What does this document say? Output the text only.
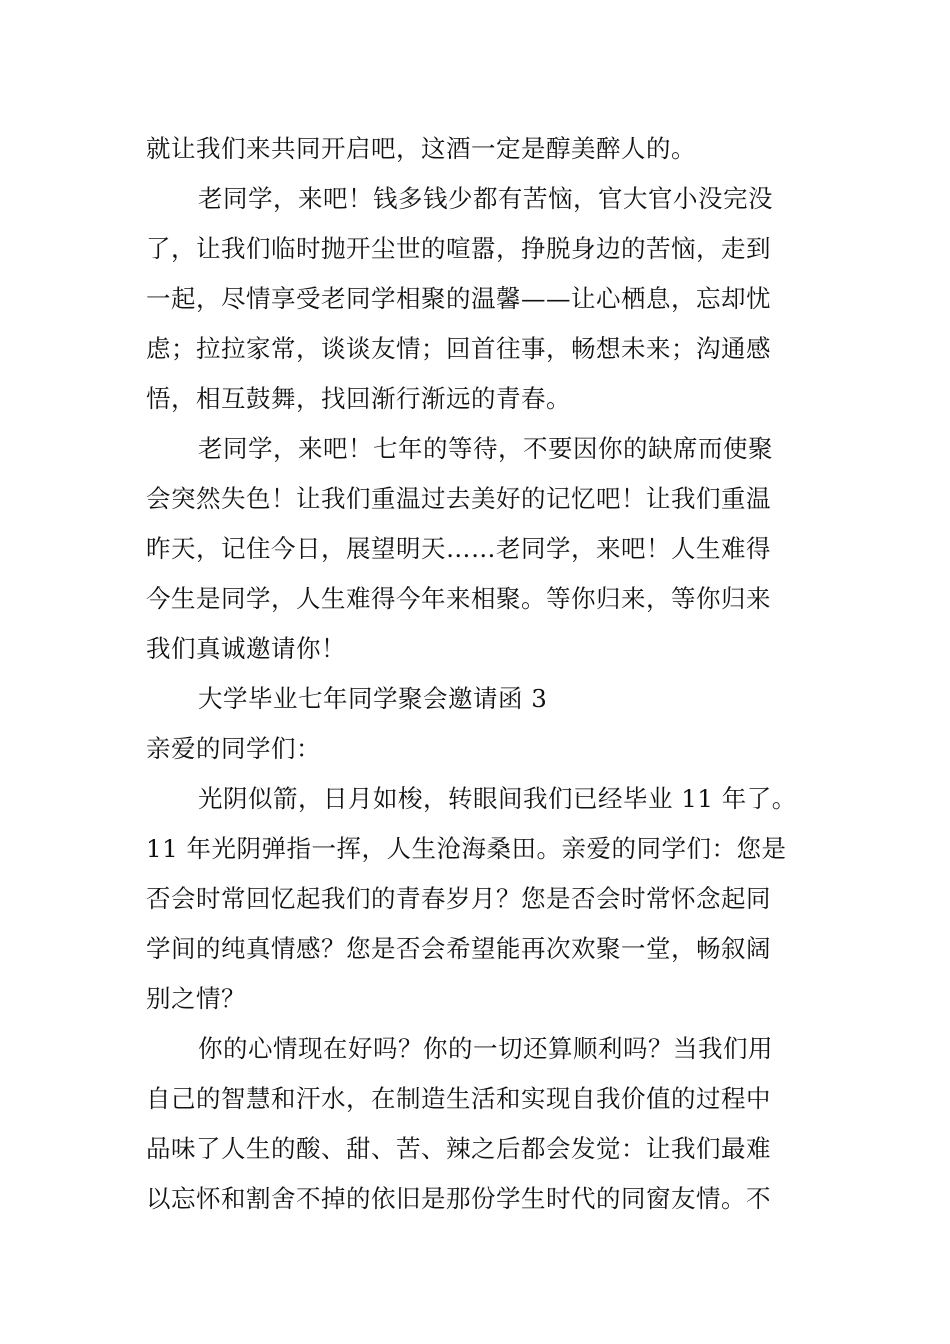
就让我们来共同开启吧，这酒一定是醇美醉人的。
老同学，来吧！钱多钱少都有苦恼，官大官小没完没
了，让我们临时抛开尘世的喧嚣，挣脱身边的苦恼，走到
一起，尽情享受老同学相聚的温馨——让心栖息，忘却忧
虑；拉拉家常，谈谈友情；回首往事，畅想未来；沟通感
悟，相互鼓舞，找回渐行渐远的青春。
老同学，来吧！七年的等待，不要因你的缺席而使聚
会突然失色！让我们重温过去美好的记忆吧！让我们重温
昨天，记住今日，展望明天……老同学，来吧！人生难得
今生是同学，人生难得今年来相聚。等你归来，等你归来
我们真诚邀请你！
大学毕业七年同学聚会邀请函 3
亲爱的同学们：
光阴似箭，日月如梭，转眼间我们已经毕业 11 年了。
11 年光阴弹指一挥，人生沧海桑田。亲爱的同学们：您是
否会时常回忆起我们的青春岁月？您是否会时常怀念起同
学间的纯真情感？您是否会希望能再次欢聚一堂，畅叙阔
别之情？
你的心情现在好吗？你的一切还算顺利吗？当我们用
自己的智慧和汗水，在制造生活和实现自我价值的过程中
品味了人生的酸、甜、苦、辣之后都会发觉：让我们最难
以忘怀和割舍不掉的依旧是那份学生时代的同窗友情。不
